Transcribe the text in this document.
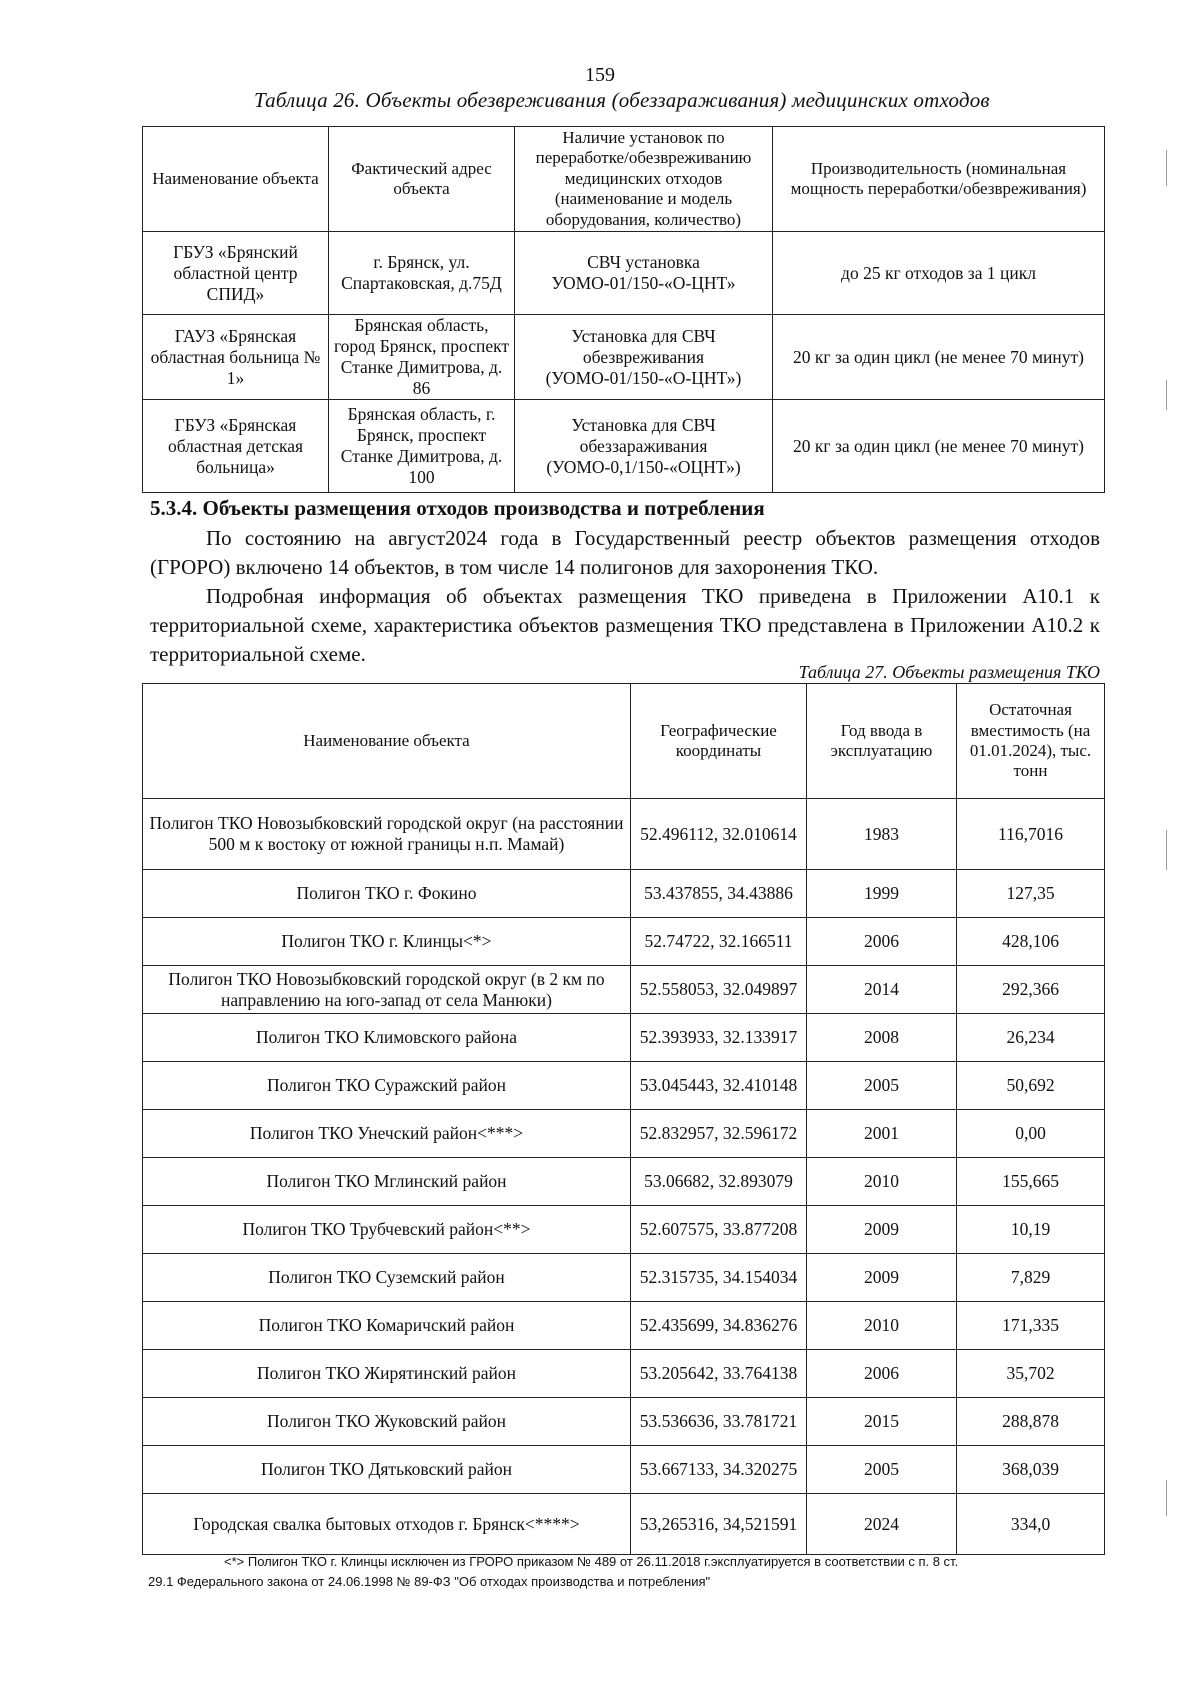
159
Таблица 26. Объекты обезвреживания (обеззараживания) медицинских отходов
Наименование объекта	Фактический адрес объекта	Наличие установок по переработке/обезвреживанию медицинских отходов (наименование и модель оборудования, количество)	Производительность (номинальная мощность переработки/обезвреживания)
ГБУЗ «Брянский областной центр СПИД»	г. Брянск, ул. Спартаковская, д.75Д	СВЧ установка УОМО-01/150-«О-ЦНТ»	до 25 кг отходов за 1 цикл
ГАУЗ «Брянская областная больница № 1»	Брянская область, город Брянск, проспект Станке Димитрова, д. 86	Установка для СВЧ обезвреживания (УОМО-01/150-«О-ЦНТ»)	20 кг за один цикл (не менее 70 минут)
ГБУЗ «Брянская областная детская больница»	Брянская область, г. Брянск, проспект Станке Димитрова, д. 100	Установка для СВЧ обеззараживания (УОМО-0,1/150-«ОЦНТ»)	20 кг за один цикл (не менее 70 минут)
5.3.4. Объекты размещения отходов производства и потребления
По состоянию на август2024 года в Государственный реестр объектов размещения отходов (ГРОРО) включено 14 объектов, в том числе 14 полигонов для захоронения ТКО.
Подробная информация об объектах размещения ТКО приведена в Приложении А10.1 к территориальной схеме, характеристика объектов размещения ТКО представлена в Приложении А10.2 к территориальной схеме.
Таблица 27. Объекты размещения ТКО
Наименование объекта	Географические координаты	Год ввода в эксплуатацию	Остаточная вместимость (на 01.01.2024), тыс. тонн
Полигон ТКО Новозыбковский городской округ (на расстоянии 500 м к востоку от южной границы н.п. Мамай)	52.496112, 32.010614	1983	116,7016
Полигон ТКО г. Фокино	53.437855, 34.43886	1999	127,35
Полигон ТКО г. Клинцы<*>	52.74722, 32.166511	2006	428,106
Полигон ТКО Новозыбковский городской округ (в 2 км по направлению на юго-запад от села Манюки)	52.558053, 32.049897	2014	292,366
Полигон ТКО Климовского района	52.393933, 32.133917	2008	26,234
Полигон ТКО Суражский район	53.045443, 32.410148	2005	50,692
Полигон ТКО Унечский район<***>	52.832957, 32.596172	2001	0,00
Полигон ТКО Мглинский район	53.06682, 32.893079	2010	155,665
Полигон ТКО Трубчевский район<**>	52.607575, 33.877208	2009	10,19
Полигон ТКО Суземский район	52.315735, 34.154034	2009	7,829
Полигон ТКО Комаричский район	52.435699, 34.836276	2010	171,335
Полигон ТКО Жирятинский район	53.205642, 33.764138	2006	35,702
Полигон ТКО Жуковский район	53.536636, 33.781721	2015	288,878
Полигон ТКО Дятьковский район	53.667133, 34.320275	2005	368,039
Городская свалка бытовых отходов г. Брянск<****>	53,265316, 34,521591	2024	334,0
<*> Полигон ТКО г. Клинцы исключен из ГРОРО приказом № 489 от 26.11.2018 г.эксплуатируется в соответствии с п. 8 ст.
29.1 Федерального закона от 24.06.1998 № 89-ФЗ "Об отходах производства и потребления"
